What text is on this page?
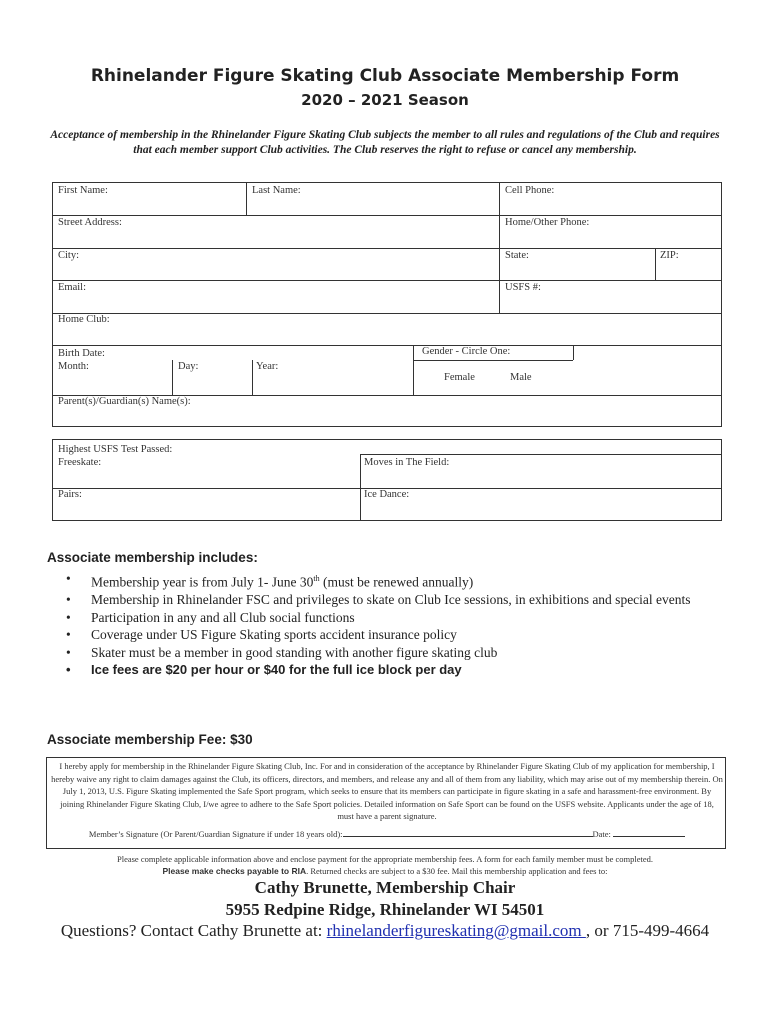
Rhinelander Figure Skating Club Associate Membership Form
2020 – 2021 Season
Acceptance of membership in the Rhinelander Figure Skating Club subjects the member to all rules and regulations of the Club and requires that each member support Club activities. The Club reserves the right to refuse or cancel any membership.
First Name:	Last Name:	Cell Phone:
Street Address:	Home/Other Phone:
City:	State:	ZIP:
Email:	USFS #:
Home Club:
Birth Date:
Month:	Day:	Year:
Gender - Circle One:
Female	Male
Parent(s)/Guardian(s) Name(s):
Highest USFS Test Passed:
Freeskate:	Moves in The Field:
Pairs:	Ice Dance:
Associate membership includes:
• Membership year is from July 1- June 30th (must be renewed annually)
• Membership in Rhinelander FSC and privileges to skate on Club Ice sessions, in exhibitions and special events
• Participation in any and all Club social functions
• Coverage under US Figure Skating sports accident insurance policy
• Skater must be a member in good standing with another figure skating club
• Ice fees are $20 per hour or $40 for the full ice block per day
Associate membership Fee: $30
I hereby apply for membership in the Rhinelander Figure Skating Club, Inc. For and in consideration of the acceptance by Rhinelander Figure Skating Club of my application for membership, I hereby waive any right to claim damages against the Club, its officers, directors, and members, and release any and all of them from any liability, which may arise out of my membership therein. On July 1, 2013, U.S. Figure Skating implemented the Safe Sport program, which seeks to ensure that its members can participate in figure skating in a safe and harassment-free environment. By joining Rhinelander Figure Skating Club, I/we agree to adhere to the Safe Sport policies. Detailed information on Safe Sport can be found on the USFS website. Applicants under the age of 18, must have a parent signature.
Member’s Signature (Or Parent/Guardian Signature if under 18 years old):	Date:
Please complete applicable information above and enclose payment for the appropriate membership fees. A form for each family member must be completed.
Please make checks payable to RIA. Returned checks are subject to a $30 fee. Mail this membership application and fees to:
Cathy Brunette, Membership Chair
5955 Redpine Ridge, Rhinelander WI 54501
Questions? Contact Cathy Brunette at: rhinelanderfigureskating@gmail.com , or 715-499-4664
